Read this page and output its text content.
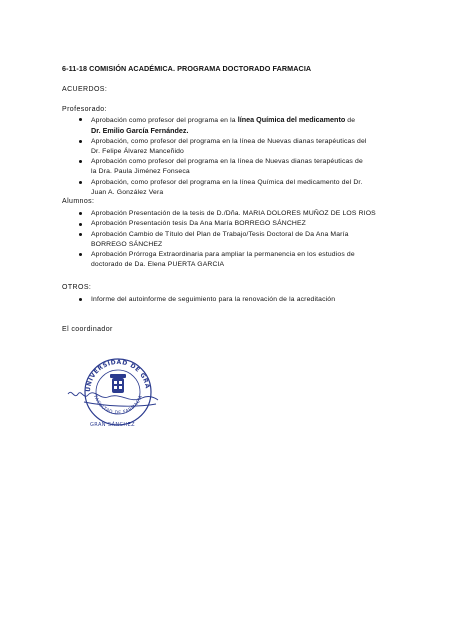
6-11-18 COMISIÓN ACADÉMICA. PROGRAMA DOCTORADO FARMACIA
ACUERDOS:
Profesorado:
Aprobación como profesor del programa en la línea Química del medicamento de
Dr. Emilio García Fernández.
Aprobación, como profesor del programa en la línea de Nuevas dianas terapéuticas del
Dr. Felipe Álvarez Manceñido
Aprobación como profesor del programa en la línea de Nuevas dianas terapéuticas de
la Dra. Paula Jiménez Fonseca
Aprobación, como profesor del programa en la línea Química del medicamento del Dr.
Juan A. González Vera
Alumnos:
Aprobación Presentación de la tesis de D./Dña. MARIA DOLORES MUÑOZ DE LOS RIOS
Aprobación Presentación tesis Da Ana María BORREGO SÁNCHEZ
Aprobación Cambio de Título del Plan de Trabajo/Tesis Doctoral de Da Ana María
BORREGO SÁNCHEZ
Aprobación Prórroga Extraordinaria para ampliar la permanencia en los estudios de
doctorado de Da. Elena PUERTA GARCIA
OTROS:
Informe del autoinforme de seguimiento para la renovación de la acreditación
El coordinador
UNIVERSIDAD DE GRA
FACULTAD DE FARMACIA
GRAN SÁNCHEZ
